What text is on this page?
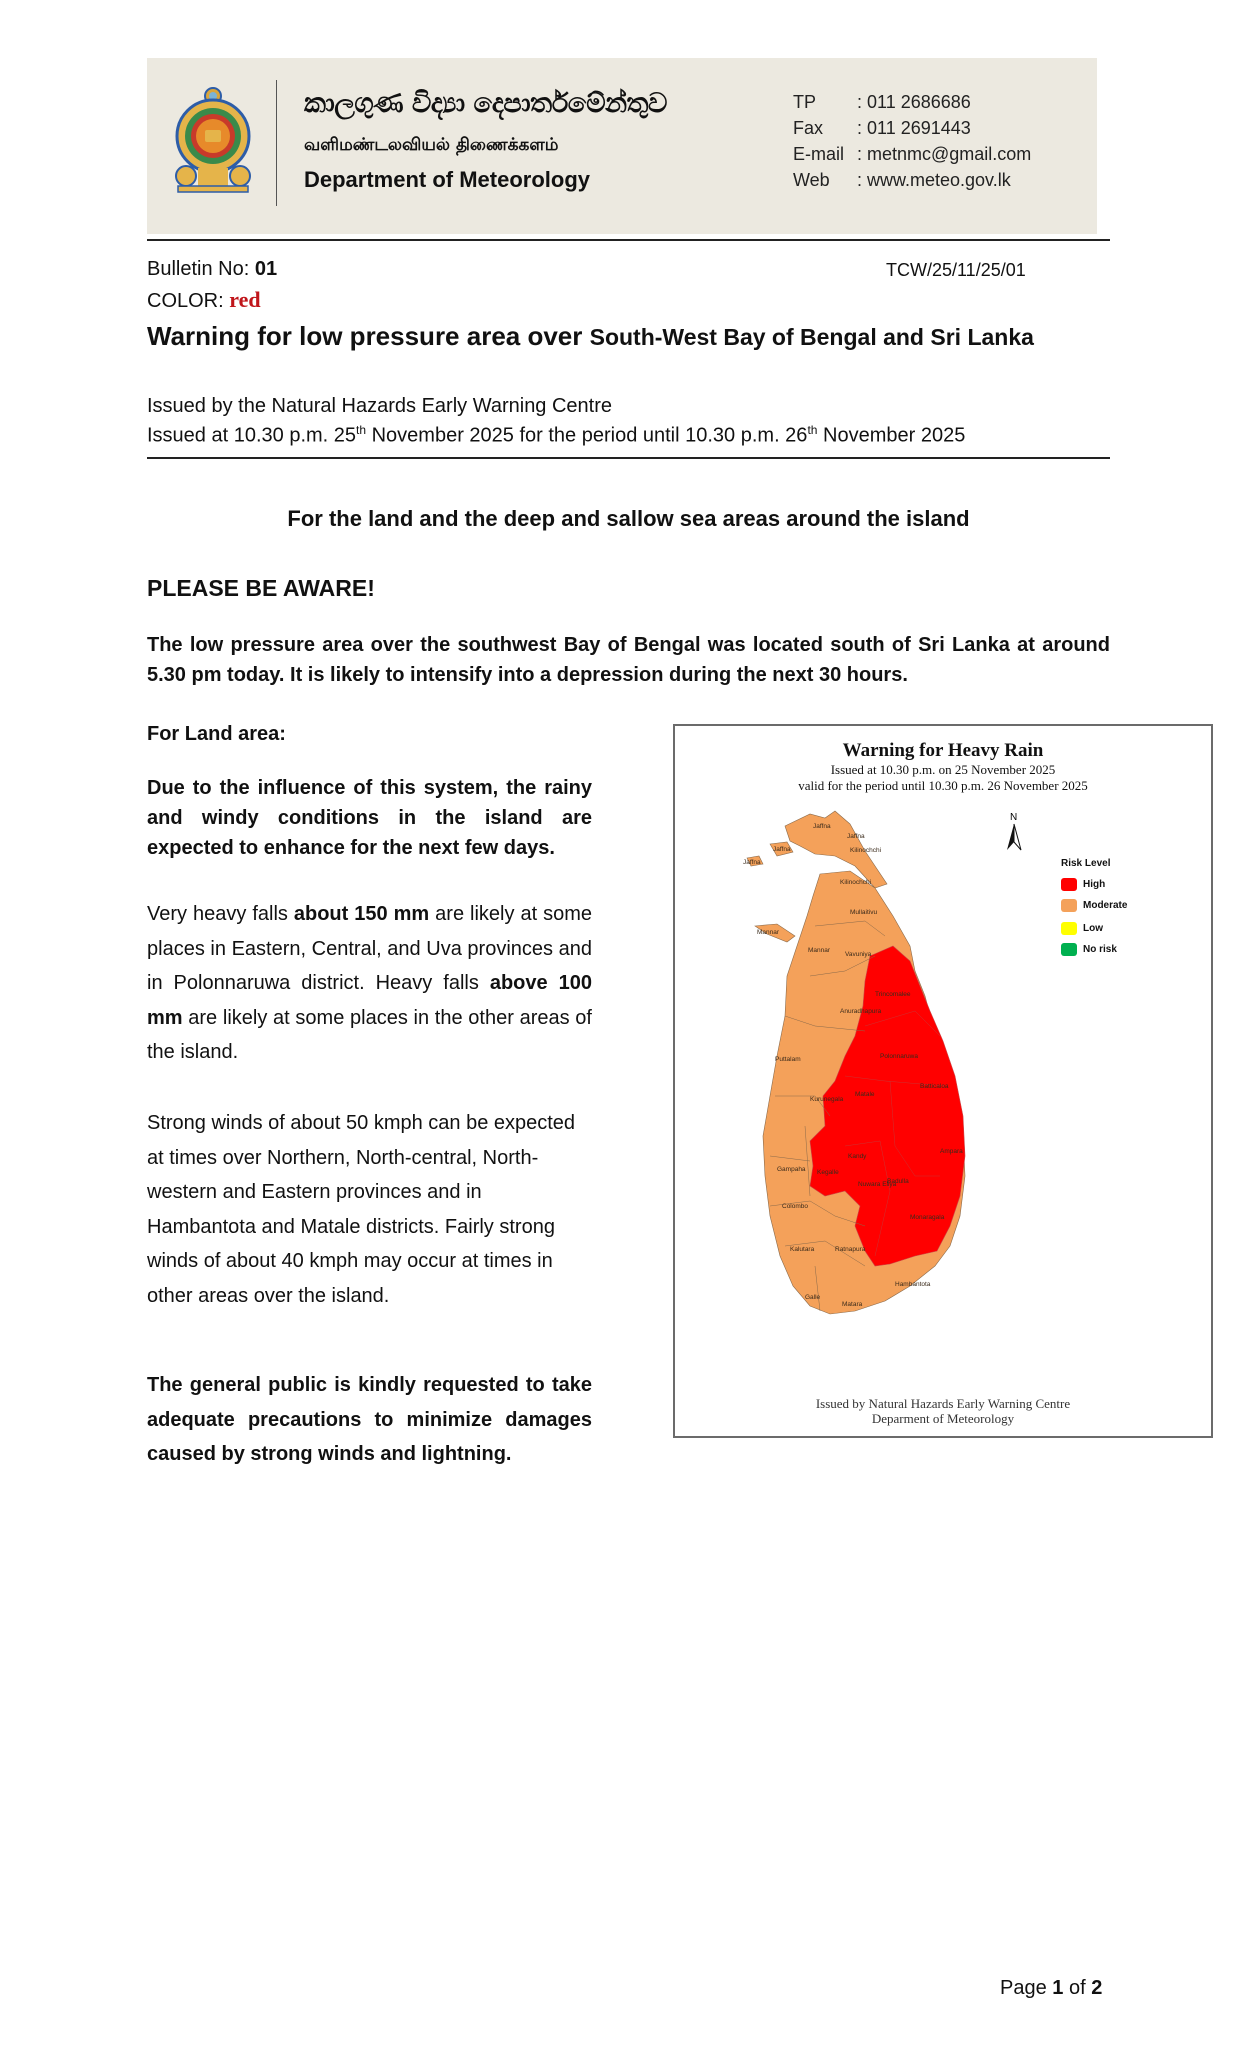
කාලගුණ විද්‍යා දෙපාර්තමේන්තුව
வளிமண்டலவியல் திணைக்களம்
Department of Meteorology
TP : 011 2686686
Fax : 011 2691443
E-mail : metnmc@gmail.com
Web : www.meteo.gov.lk
Bulletin No: 01	TCW/25/11/25/01
COLOR: red
Warning for low pressure area over South-West Bay of Bengal and Sri Lanka
Issued by the Natural Hazards Early Warning Centre
Issued at 10.30 p.m. 25th November 2025 for the period until 10.30 p.m. 26th November 2025
For the land and the deep and sallow sea areas around the island
PLEASE BE AWARE!
The low pressure area over the southwest Bay of Bengal was located south of Sri Lanka at around 5.30 pm today. It is likely to intensify into a depression during the next 30 hours.
For Land area:
Due to the influence of this system, the rainy and windy conditions in the island are expected to enhance for the next few days.
Very heavy falls about 150 mm are likely at some places in Eastern, Central, and Uva provinces and in Polonnaruwa district. Heavy falls above 100 mm are likely at some places in the other areas of the island.
Strong winds of about 50 kmph can be expected at times over Northern, North-central, North-western and Eastern provinces and in Hambantota and Matale districts. Fairly strong winds of about 40 kmph may occur at times in other areas over the island.
The general public is kindly requested to take adequate precautions to minimize damages caused by strong winds and lightning.
Warning for Heavy Rain
Issued at 10.30 p.m. on 25 November 2025
valid for the period until 10.30 p.m. 26 November 2025
Jaffna
Jaffna
Jaffna
Jaffna
Kilinochchi
Kilinochchi
Mullaitivu
Mannar
Mannar
Vavuniya
Trincomalee
Anuradhapura
Polonnaruwa
Puttalam
Batticaloa
Matale
Kurunegala
Kandy
Ampara
Gampaha Kegalle
Nuwara Eliya
Badulla
Colombo
Monaragala
Kalutara	Ratnapura
Hambantota
Galle
Matara
N
Risk Level
High
Moderate
Low
No risk
Issued by Natural Hazards Early Warning Centre
Deparment of Meteorology
Page 1 of 2
